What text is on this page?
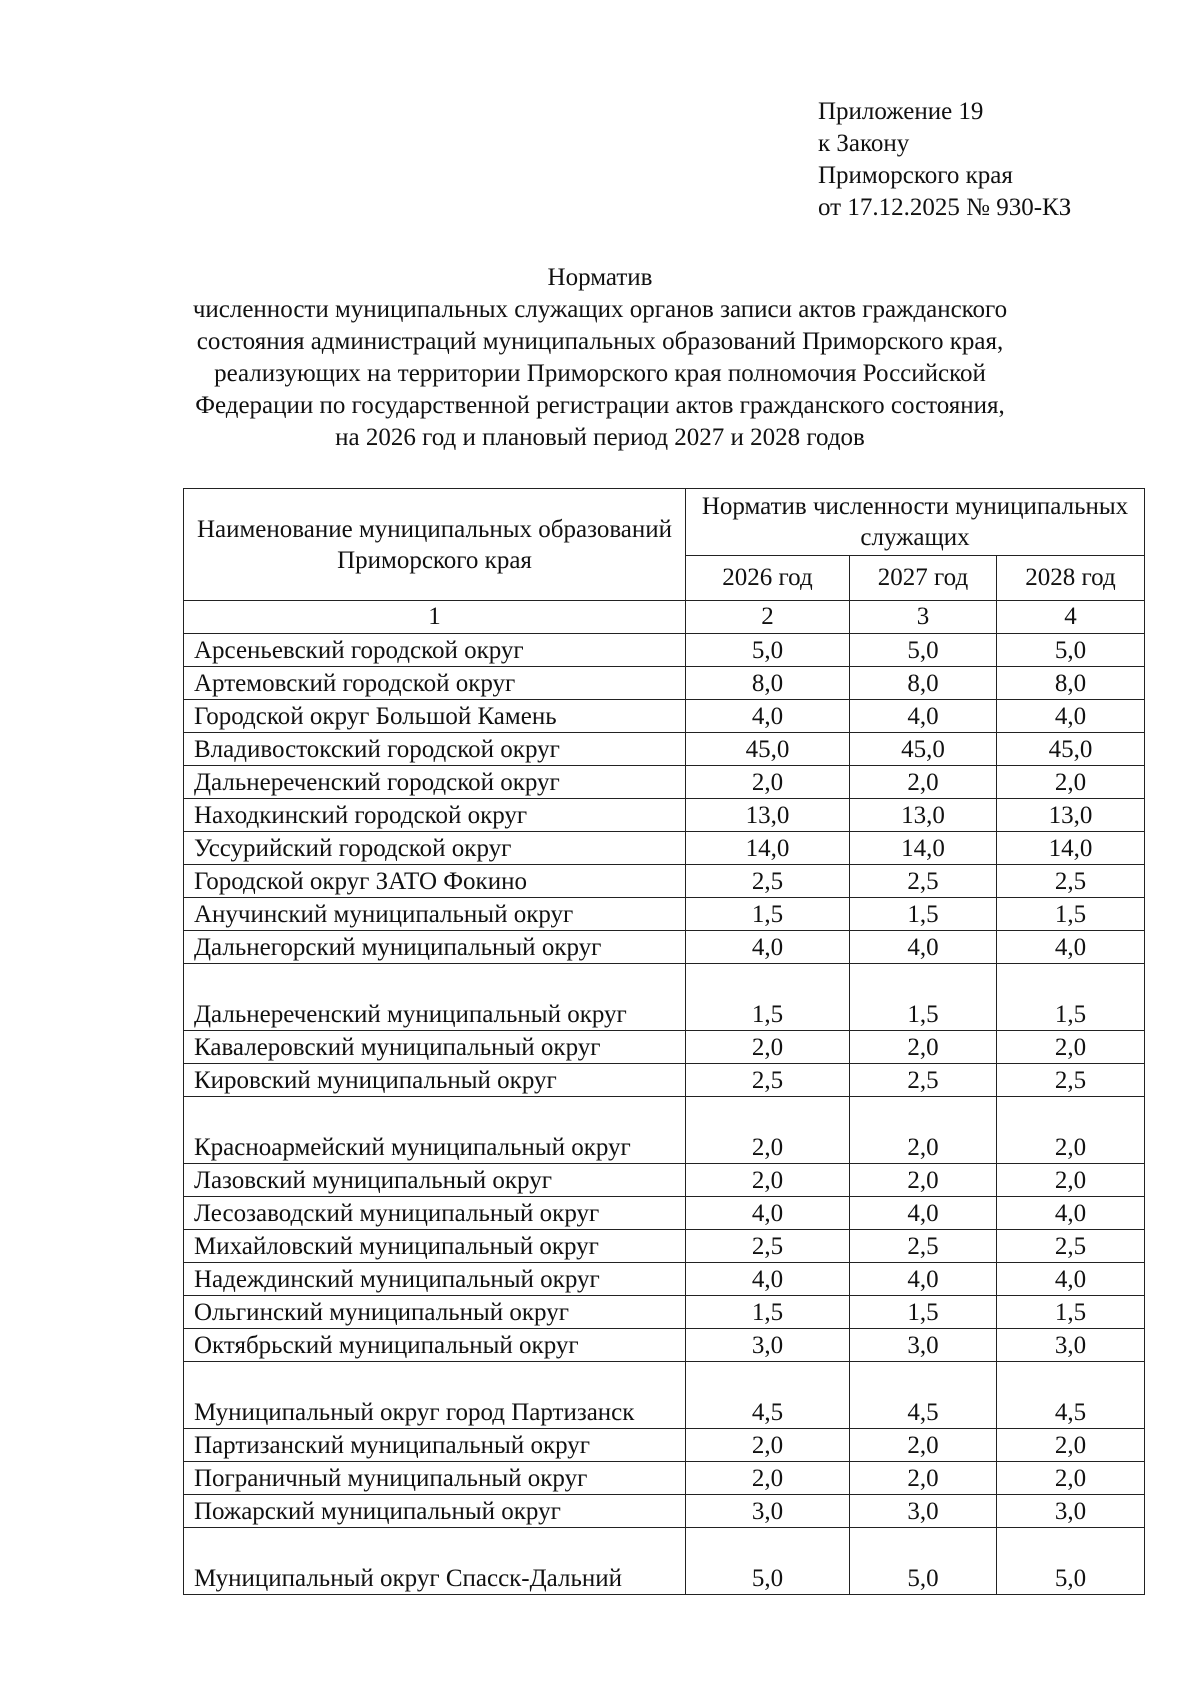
Приложение 19
к Закону
Приморского края
от 17.12.2025 № 930-КЗ
Норматив
численности муниципальных служащих органов записи актов гражданского
состояния администраций муниципальных образований Приморского края,
реализующих на территории Приморского края полномочия Российской
Федерации по государственной регистрации актов гражданского состояния,
на 2026 год и плановый период 2027 и 2028 годов
Наименование муниципальных образований Приморского края	Норматив численности муниципальных служащих		
	2026 год	2027 год	2028 год
1	2	3	4
Арсеньевский городской округ	5,0	5,0	5,0
Артемовский городской округ	8,0	8,0	8,0
Городской округ Большой Камень	4,0	4,0	4,0
Владивостокский городской округ	45,0	45,0	45,0
Дальнереченский городской округ	2,0	2,0	2,0
Находкинский городской округ	13,0	13,0	13,0
Уссурийский городской округ	14,0	14,0	14,0
Городской округ ЗАТО Фокино	2,5	2,5	2,5
Анучинский муниципальный округ	1,5	1,5	1,5
Дальнегорский муниципальный округ	4,0	4,0	4,0
Дальнереченский муниципальный округ	1,5	1,5	1,5
Кавалеровский муниципальный округ	2,0	2,0	2,0
Кировский муниципальный округ	2,5	2,5	2,5
Красноармейский муниципальный округ	2,0	2,0	2,0
Лазовский муниципальный округ	2,0	2,0	2,0
Лесозаводский муниципальный округ	4,0	4,0	4,0
Михайловский муниципальный округ	2,5	2,5	2,5
Надеждинский муниципальный округ	4,0	4,0	4,0
Ольгинский муниципальный округ	1,5	1,5	1,5
Октябрьский муниципальный округ	3,0	3,0	3,0
Муниципальный округ город Партизанск	4,5	4,5	4,5
Партизанский муниципальный округ	2,0	2,0	2,0
Пограничный муниципальный округ	2,0	2,0	2,0
Пожарский муниципальный округ	3,0	3,0	3,0
Муниципальный округ Спасск-Дальний	5,0	5,0	5,0
